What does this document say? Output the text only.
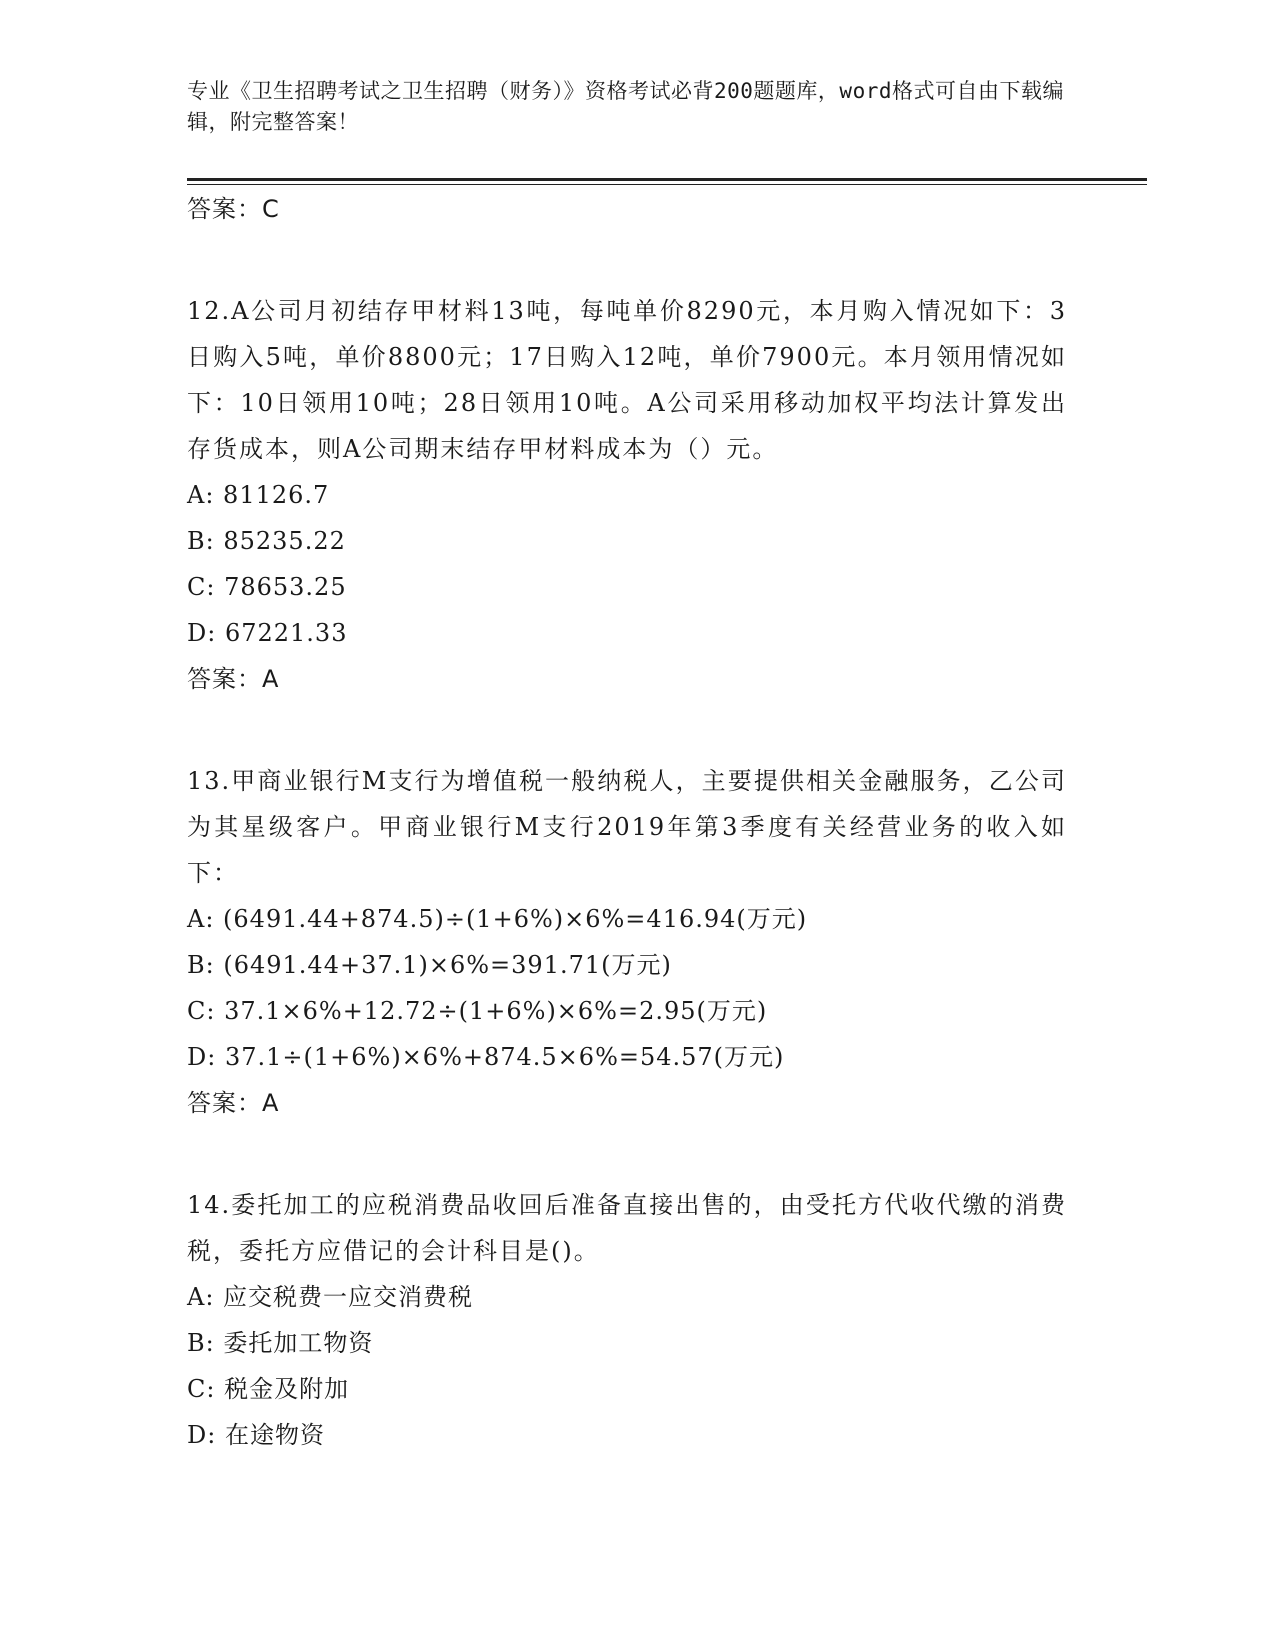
专业《卫生招聘考试之卫生招聘（财务）》资格考试必背200题题库，word格式可自由下载编辑，附完整答案！
答案：C
12.A公司月初结存甲材料13吨，每吨单价8290元，本月购入情况如下：3日购入5吨，单价8800元；17日购入12吨，单价7900元。本月领用情况如下：10日领用10吨；28日领用10吨。A公司采用移动加权平均法计算发出存货成本，则A公司期末结存甲材料成本为（）元。
A: 81126.7
B: 85235.22
C: 78653.25
D: 67221.33
答案：A
13.甲商业银行M支行为增值税一般纳税人，主要提供相关金融服务，乙公司为其星级客户。甲商业银行M支行2019年第3季度有关经营业务的收入如下：
A: (6491.44+874.5)÷(1+6%)×6%=416.94(万元)
B: (6491.44+37.1)×6%=391.71(万元)
C: 37.1×6%+12.72÷(1+6%)×6%=2.95(万元)
D: 37.1÷(1+6%)×6%+874.5×6%=54.57(万元)
答案：A
14.委托加工的应税消费品收回后准备直接出售的，由受托方代收代缴的消费税，委托方应借记的会计科目是()。
A: 应交税费一应交消费税
B: 委托加工物资
C: 税金及附加
D: 在途物资
